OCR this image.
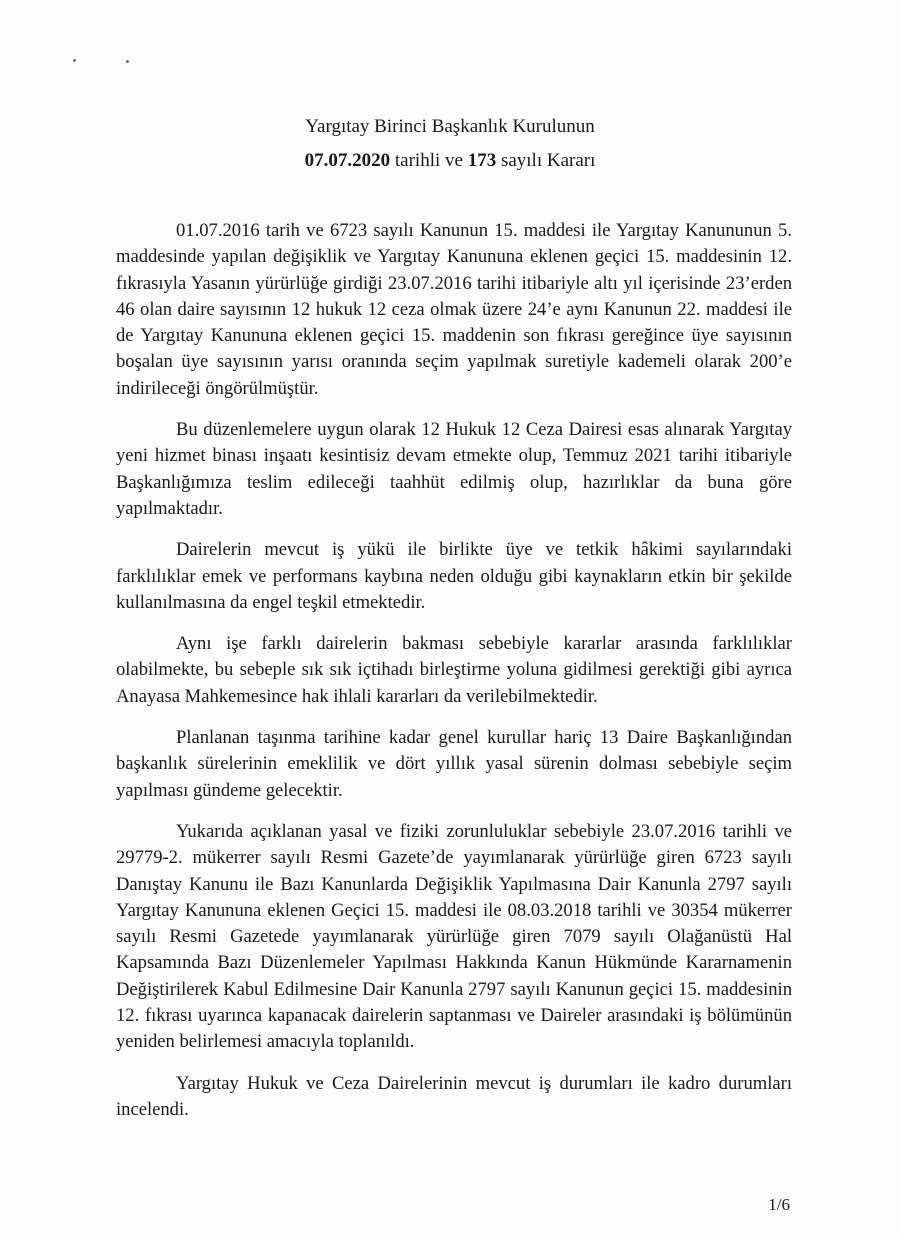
Yargıtay Birinci Başkanlık Kurulunun
07.07.2020 tarihli ve 173 sayılı Kararı

01.07.2016 tarih ve 6723 sayılı Kanunun 15. maddesi ile Yargıtay Kanununun 5. maddesinde yapılan değişiklik ve Yargıtay Kanununa eklenen geçici 15. maddesinin 12. fıkrasıyla Yasanın yürürlüğe girdiği 23.07.2016 tarihi itibariyle altı yıl içerisinde 23’erden 46 olan daire sayısının 12 hukuk 12 ceza olmak üzere 24’e aynı Kanunun 22. maddesi ile de Yargıtay Kanununa eklenen geçici 15. maddenin son fıkrası gereğince üye sayısının boşalan üye sayısının yarısı oranında seçim yapılmak suretiyle kademeli olarak 200’e indirileceği öngörülmüştür.

Bu düzenlemelere uygun olarak 12 Hukuk 12 Ceza Dairesi esas alınarak Yargıtay yeni hizmet binası inşaatı kesintisiz devam etmekte olup, Temmuz 2021 tarihi itibariyle Başkanlığımıza teslim edileceği taahhüt edilmiş olup, hazırlıklar da buna göre yapılmaktadır.

Dairelerin mevcut iş yükü ile birlikte üye ve tetkik hâkimi sayılarındaki farklılıklar emek ve performans kaybına neden olduğu gibi kaynakların etkin bir şekilde kullanılmasına da engel teşkil etmektedir.

Aynı işe farklı dairelerin bakması sebebiyle kararlar arasında farklılıklar olabilmekte, bu sebeple sık sık içtihadı birleştirme yoluna gidilmesi gerektiği gibi ayrıca Anayasa Mahkemesince hak ihlali kararları da verilebilmektedir.

Planlanan taşınma tarihine kadar genel kurullar hariç 13 Daire Başkanlığından başkanlık sürelerinin emeklilik ve dört yıllık yasal sürenin dolması sebebiyle seçim yapılması gündeme gelecektir.

Yukarıda açıklanan yasal ve fiziki zorunluluklar sebebiyle 23.07.2016 tarihli ve 29779-2. mükerrer sayılı Resmi Gazete’de yayımlanarak yürürlüğe giren 6723 sayılı Danıştay Kanunu ile Bazı Kanunlarda Değişiklik Yapılmasına Dair Kanunla 2797 sayılı Yargıtay Kanununa eklenen Geçici 15. maddesi ile 08.03.2018 tarihli ve 30354 mükerrer sayılı Resmi Gazetede yayımlanarak yürürlüğe giren 7079 sayılı Olağanüstü Hal Kapsamında Bazı Düzenlemeler Yapılması Hakkında Kanun Hükmünde Kararnamenin Değiştirilerek Kabul Edilmesine Dair Kanunla 2797 sayılı Kanunun geçici 15. maddesinin 12. fıkrası uyarınca kapanacak dairelerin saptanması ve Daireler arasındaki iş bölümünün yeniden belirlemesi amacıyla toplanıldı.

Yargıtay Hukuk ve Ceza Dairelerinin mevcut iş durumları ile kadro durumları incelendi.

1/6
